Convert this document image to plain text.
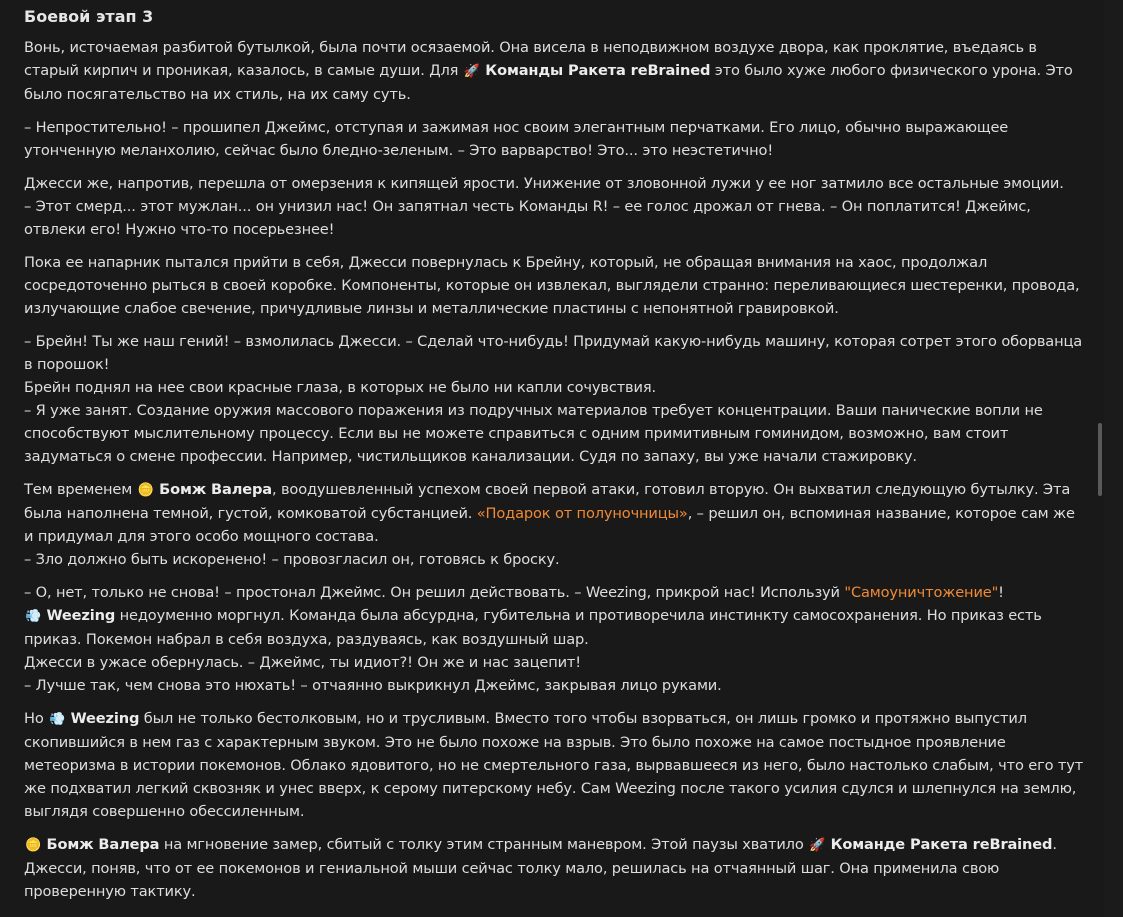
Боевой этап 3

Вонь, источаемая разбитой бутылкой, была почти осязаемой. Она висела в неподвижном воздухе двора, как проклятие, въедаясь в старый кирпич и проникая, казалось, в самые души. Для 🚀 Команды Ракета reBrained это было хуже любого физического урона. Это было посягательство на их стиль, на их саму суть.

– Непростительно! – прошипел Джеймс, отступая и зажимая нос своим элегантным перчатками. Его лицо, обычно выражающее утонченную меланхолию, сейчас было бледно-зеленым. – Это варварство! Это... это неэстетично!

Джесси же, напротив, перешла от омерзения к кипящей ярости. Унижение от зловонной лужи у ее ног затмило все остальные эмоции.
– Этот смерд... этот мужлан... он унизил нас! Он запятнал честь Команды R! – ее голос дрожал от гнева. – Он поплатится! Джеймс, отвлеки его! Нужно что-то посерьезнее!

Пока ее напарник пытался прийти в себя, Джесси повернулась к Брейну, который, не обращая внимания на хаос, продолжал сосредоточенно рыться в своей коробке. Компоненты, которые он извлекал, выглядели странно: переливающиеся шестеренки, провода, излучающие слабое свечение, причудливые линзы и металлические пластины с непонятной гравировкой.

– Брейн! Ты же наш гений! – взмолилась Джесси. – Сделай что-нибудь! Придумай какую-нибудь машину, которая сотрет этого оборванца в порошок!
Брейн поднял на нее свои красные глаза, в которых не было ни капли сочувствия.
– Я уже занят. Создание оружия массового поражения из подручных материалов требует концентрации. Ваши панические вопли не способствуют мыслительному процессу. Если вы не можете справиться с одним примитивным гоминидом, возможно, вам стоит задуматься о смене профессии. Например, чистильщиков канализации. Судя по запаху, вы уже начали стажировку.

Тем временем 🪙 Бомж Валера, воодушевленный успехом своей первой атаки, готовил вторую. Он выхватил следующую бутылку. Эта была наполнена темной, густой, комковатой субстанцией. «Подарок от полуночницы», – решил он, вспоминая название, которое сам же и придумал для этого особо мощного состава.
– Зло должно быть искоренено! – провозгласил он, готовясь к броску.

– О, нет, только не снова! – простонал Джеймс. Он решил действовать. – Weezing, прикрой нас! Используй "Самоуничтожение"!
💨 Weezing недоуменно моргнул. Команда была абсурдна, губительна и противоречила инстинкту самосохранения. Но приказ есть приказ. Покемон набрал в себя воздуха, раздуваясь, как воздушный шар.
Джесси в ужасе обернулась. – Джеймс, ты идиот?! Он же и нас зацепит!
– Лучше так, чем снова это нюхать! – отчаянно выкрикнул Джеймс, закрывая лицо руками.

Но 💨 Weezing был не только бестолковым, но и трусливым. Вместо того чтобы взорваться, он лишь громко и протяжно выпустил скопившийся в нем газ с характерным звуком. Это не было похоже на взрыв. Это было похоже на самое постыдное проявление метеоризма в истории покемонов. Облако ядовитого, но не смертельного газа, вырвавшееся из него, было настолько слабым, что его тут же подхватил легкий сквозняк и унес вверх, к серому питерскому небу. Сам Weezing после такого усилия сдулся и шлепнулся на землю, выглядя совершенно обессиленным.

🪙 Бомж Валера на мгновение замер, сбитый с толку этим странным маневром. Этой паузы хватило 🚀 Команде Ракета reBrained.
Джесси, поняв, что от ее покемонов и гениальной мыши сейчас толку мало, решилась на отчаянный шаг. Она применила свою проверенную тактику.
